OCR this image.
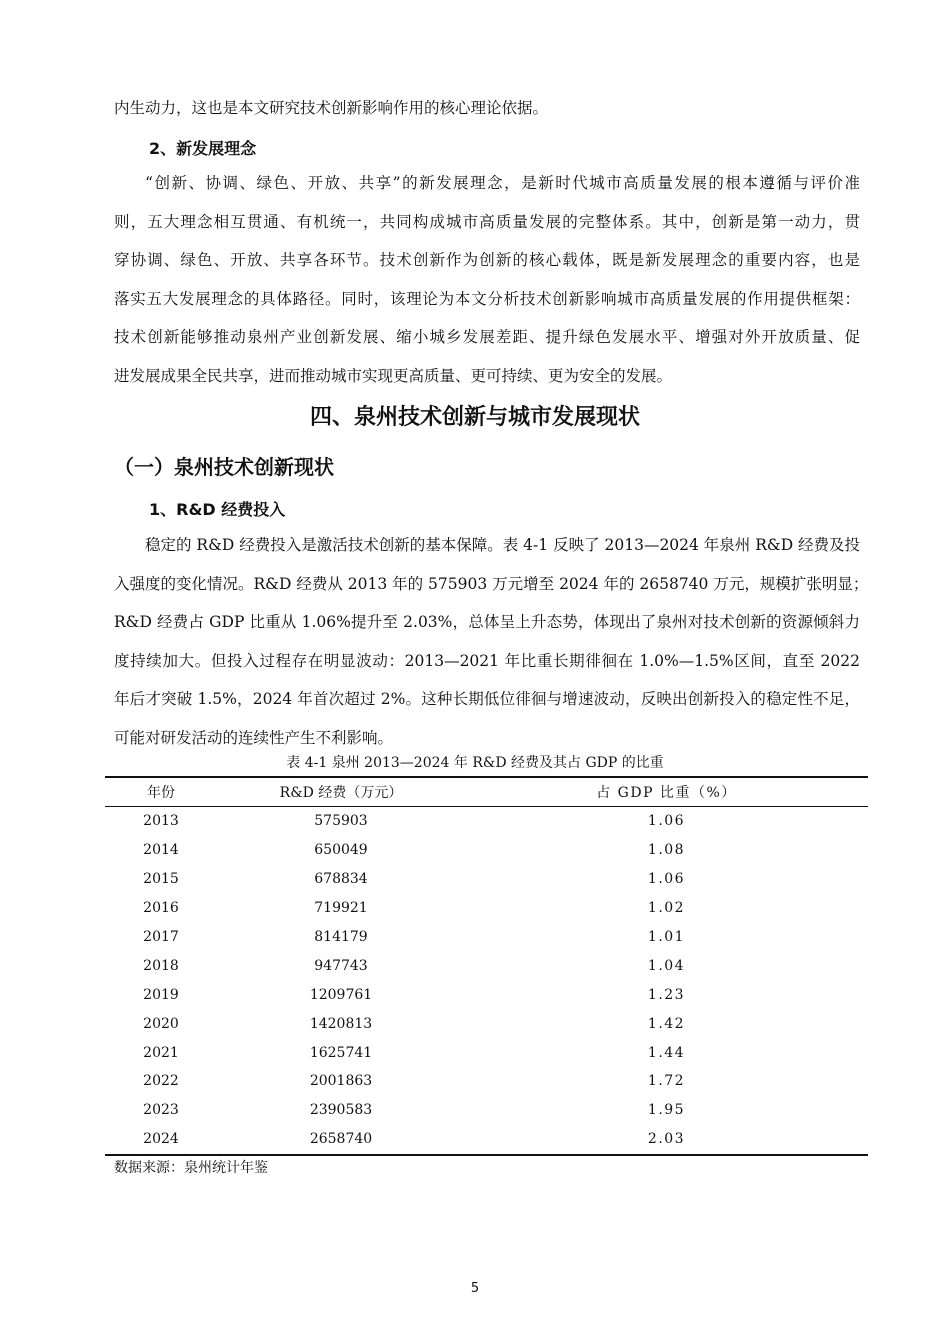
内生动力，这也是本文研究技术创新影响作用的核心理论依据。
2、新发展理念
“创新、协调、绿色、开放、共享”的新发展理念，是新时代城市高质量发展的根本遵循与评价准
则，五大理念相互贯通、有机统一，共同构成城市高质量发展的完整体系。其中，创新是第一动力，贯
穿协调、绿色、开放、共享各环节。技术创新作为创新的核心载体，既是新发展理念的重要内容，也是
落实五大发展理念的具体路径。同时，该理论为本文分析技术创新影响城市高质量发展的作用提供框架：
技术创新能够推动泉州产业创新发展、缩小城乡发展差距、提升绿色发展水平、增强对外开放质量、促
进发展成果全民共享，进而推动城市实现更高质量、更可持续、更为安全的发展。
四、泉州技术创新与城市发展现状
（一）泉州技术创新现状
1、R&D 经费投入
稳定的 R&D 经费投入是激活技术创新的基本保障。表 4-1 反映了 2013—2024 年泉州 R&D 经费及投
入强度的变化情况。R&D 经费从 2013 年的 575903 万元增至 2024 年的 2658740 万元，规模扩张明显；
R&D 经费占 GDP 比重从 1.06%提升至 2.03%，总体呈上升态势，体现出了泉州对技术创新的资源倾斜力
度持续加大。但投入过程存在明显波动：2013—2021 年比重长期徘徊在 1.0%—1.5%区间，直至 2022
年后才突破 1.5%，2024 年首次超过 2%。这种长期低位徘徊与增速波动，反映出创新投入的稳定性不足，
可能对研发活动的连续性产生不利影响。

表 4-1 泉州 2013—2024 年 R&D 经费及其占 GDP 的比重

年份	R&D 经费（万元）	占 GDP 比重（%）
2013	575903	1.06
2014	650049	1.08
2015	678834	1.06
2016	719921	1.02
2017	814179	1.01
2018	947743	1.04
2019	1209761	1.23
2020	1420813	1.42
2021	1625741	1.44
2022	2001863	1.72
2023	2390583	1.95
2024	2658740	2.03

数据来源：泉州统计年鉴

5
